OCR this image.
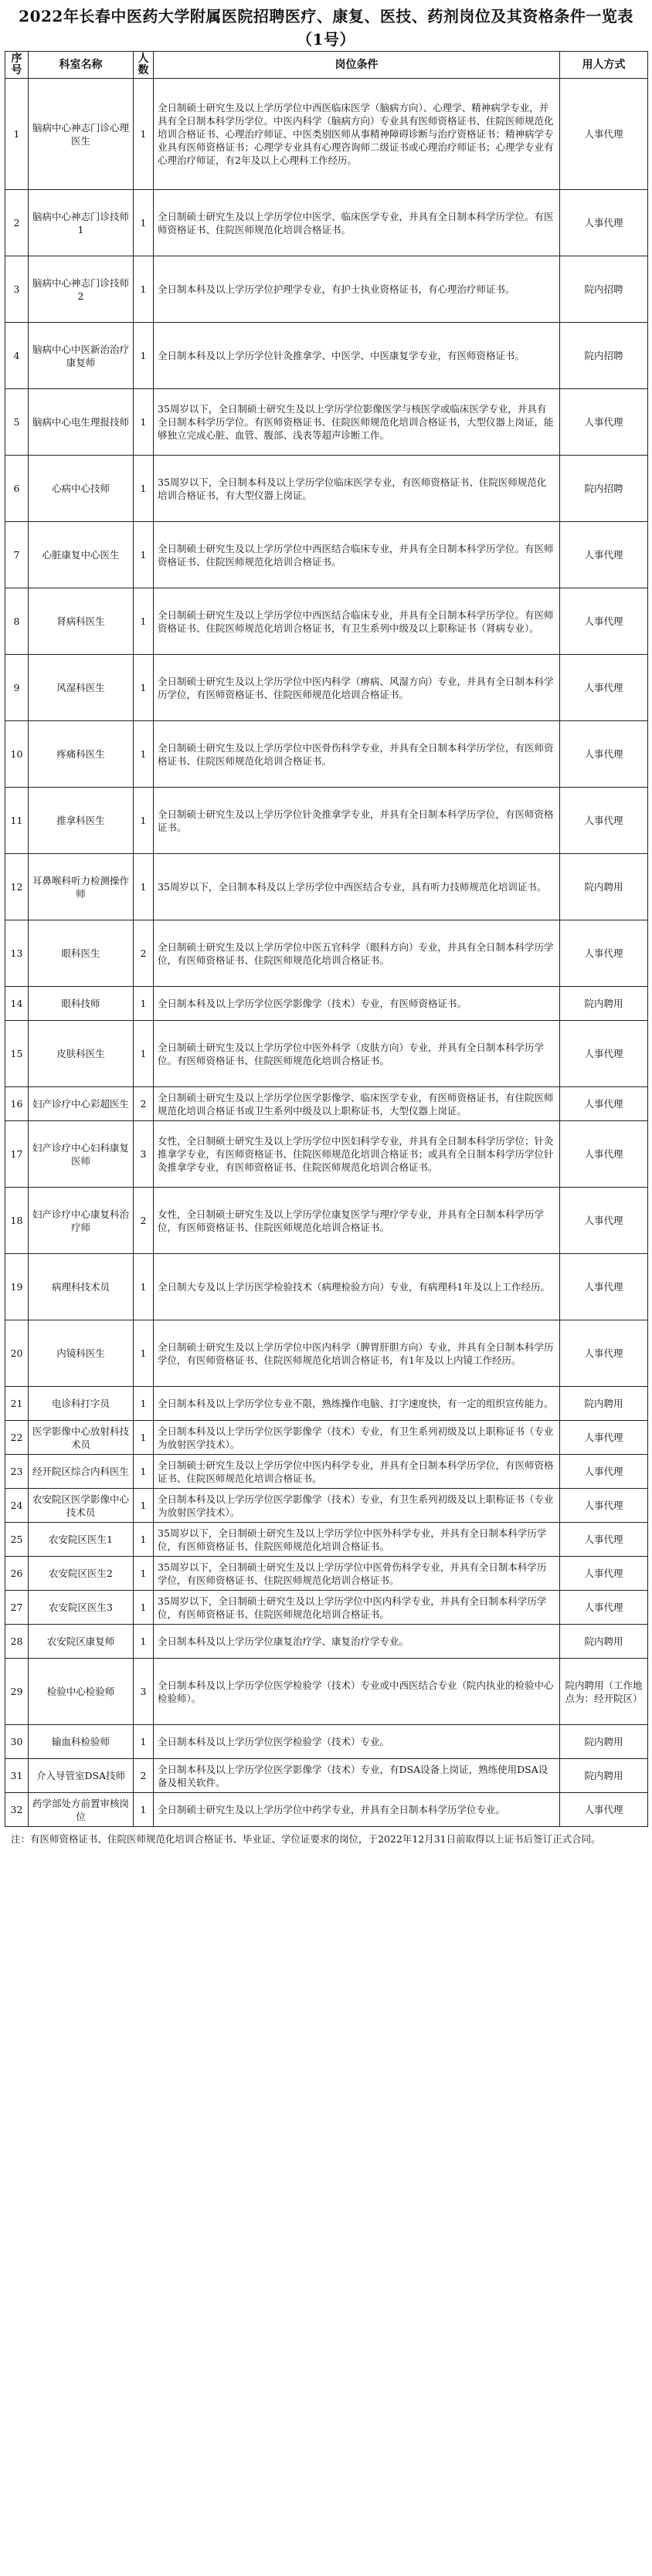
2022年长春中医药大学附属医院招聘医疗、康复、医技、药剂岗位及其资格条件一览表（1号）
序号	科室名称	人数	岗位条件	用人方式
1	脑病中心神志门诊心理医生	1	全日制硕士研究生及以上学历学位中西医临床医学（脑病方向）、心理学、精神病学专业，并具有全日制本科学历学位。中医内科学（脑病方向）专业具有医师资格证书、住院医师规范化培训合格证书、心理治疗师证、中医类别医师从事精神障碍诊断与治疗资格证书；精神病学专业具有医师资格证书；心理学专业具有心理咨询师二级证书或心理治疗师证书；心理学专业有心理治疗师证，有2年及以上心理科工作经历。	人事代理
2	脑病中心神志门诊技师1	1	全日制硕士研究生及以上学历学位中医学、临床医学专业，并具有全日制本科学历学位。有医师资格证书、住院医师规范化培训合格证书。	人事代理
3	脑病中心神志门诊技师2	1	全日制本科及以上学历学位护理学专业，有护士执业资格证书，有心理治疗师证书。	院内招聘
4	脑病中心中医新治治疗康复师	1	全日制本科及以上学历学位针灸推拿学、中医学、中医康复学专业，有医师资格证书。	院内招聘
5	脑病中心电生理报技师	1	35周岁以下，全日制硕士研究生及以上学历学位影像医学与核医学或临床医学专业，并具有全日制本科学历学位。有医师资格证书、住院医师规范化培训合格证书，大型仪器上岗证，能够独立完成心脏、血管、腹部、浅表等超声诊断工作。	人事代理
6	心病中心技师	1	35周岁以下，全日制本科及以上学历学位临床医学专业，有医师资格证书、住院医师规范化培训合格证书，有大型仪器上岗证。	院内招聘
7	心脏康复中心医生	1	全日制硕士研究生及以上学历学位中西医结合临床专业，并具有全日制本科学历学位。有医师资格证书、住院医师规范化培训合格证书。	人事代理
8	肾病科医生	1	全日制硕士研究生及以上学历学位中西医结合临床专业，并具有全日制本科学历学位。有医师资格证书、住院医师规范化培训合格证书，有卫生系列中级及以上职称证书（肾病专业）。	人事代理
9	风湿科医生	1	全日制硕士研究生及以上学历学位中医内科学（痹病、风湿方向）专业，并具有全日制本科学历学位，有医师资格证书、住院医师规范化培训合格证书。	人事代理
10	疼痛科医生	1	全日制硕士研究生及以上学历学位中医骨伤科学专业，并具有全日制本科学历学位，有医师资格证书、住院医师规范化培训合格证书。	人事代理
11	推拿科医生	1	全日制硕士研究生及以上学历学位针灸推拿学专业，并具有全日制本科学历学位，有医师资格证书。	人事代理
12	耳鼻喉科听力检测操作师	1	35周岁以下，全日制本科及以上学历学位中西医结合专业，具有听力技师规范化培训证书。	院内聘用
13	眼科医生	2	全日制硕士研究生及以上学历学位中医五官科学（眼科方向）专业，并具有全日制本科学历学位，有医师资格证书、住院医师规范化培训合格证书。	人事代理
14	眼科技师	1	全日制本科及以上学历学位医学影像学（技术）专业，有医师资格证书。	院内聘用
15	皮肤科医生	1	全日制硕士研究生及以上学历学位中医外科学（皮肤方向）专业，并具有全日制本科学历学位。有医师资格证书、住院医师规范化培训合格证书。	人事代理
16	妇产诊疗中心彩超医生	2	全日制硕士研究生及以上学历学位医学影像学、临床医学专业，有医师资格证书，有住院医师规范化培训合格证书或卫生系列中级及以上职称证书，大型仪器上岗证。	人事代理
17	妇产诊疗中心妇科康复医师	3	女性，全日制硕士研究生及以上学历学位中医妇科学专业，并具有全日制本科学历学位；针灸推拿学专业，有医师资格证书、住院医师规范化培训合格证书；或具有全日制本科学历学位针灸推拿学专业，有医师资格证书、住院医师规范化培训合格证书。	人事代理
18	妇产诊疗中心康复科治疗师	2	女性，全日制硕士研究生及以上学历学位康复医学与理疗学专业，并具有全日制本科学历学位，有医师资格证书、住院医师规范化培训合格证书。	人事代理
19	病理科技术员	1	全日制大专及以上学历医学检验技术（病理检验方向）专业，有病理科1年及以上工作经历。	人事代理
20	内镜科医生	1	全日制硕士研究生及以上学历学位中医内科学（脾胃肝胆方向）专业，并具有全日制本科学历学位，有医师资格证书、住院医师规范化培训合格证书，有1年及以上内镜工作经历。	人事代理
21	电诊科打字员	1	全日制本科及以上学历学位专业不限，熟练操作电脑、打字速度快，有一定的组织宣传能力。	院内聘用
22	医学影像中心放射科技术员	1	全日制本科及以上学历学位医学影像学（技术）专业，有卫生系列初级及以上职称证书（专业为放射医学技术）。	人事代理
23	经开院区综合内科医生	1	全日制硕士研究生及以上学历学位中医内科学专业，并具有全日制本科学历学位，有医师资格证书、住院医师规范化培训合格证书。	人事代理
24	农安院区医学影像中心技术员	1	全日制本科及以上学历学位医学影像学（技术）专业，有卫生系列初级及以上职称证书（专业为放射医学技术）。	人事代理
25	农安院区医生1	1	35周岁以下，全日制硕士研究生及以上学历学位中医外科学专业，并具有全日制本科学历学位，有医师资格证书、住院医师规范化培训合格证书。	人事代理
26	农安院区医生2	1	35周岁以下，全日制硕士研究生及以上学历学位中医骨伤科学专业，并具有全日制本科学历学位，有医师资格证书、住院医师规范化培训合格证书。	人事代理
27	农安院区医生3	1	35周岁以下，全日制硕士研究生及以上学历学位中医内科学专业，并具有全日制本科学历学位，有医师资格证书、住院医师规范化培训合格证书。	人事代理
28	农安院区康复师	1	全日制本科及以上学历学位康复治疗学、康复治疗学专业。	院内聘用
29	检验中心检验师	3	全日制本科及以上学历学位医学检验学（技术）专业或中西医结合专业（院内执业的检验中心检验师）。	院内聘用（工作地点为：经开院区）
30	输血科检验师	1	全日制本科及以上学历学位医学检验学（技术）专业。	院内聘用
31	介入导管室DSA技师	2	全日制本科及以上学历学位医学影像学（技术）专业，有DSA设备上岗证，熟练使用DSA设备及相关软件。	院内聘用
32	药学部处方前置审核岗位	1	全日制硕士研究生及以上学历学位中药学专业，并具有全日制本科学历学位专业。	人事代理
注：有医师资格证书、住院医师规范化培训合格证书、毕业证、学位证要求的岗位，于2022年12月31日前取得以上证书后签订正式合同。
